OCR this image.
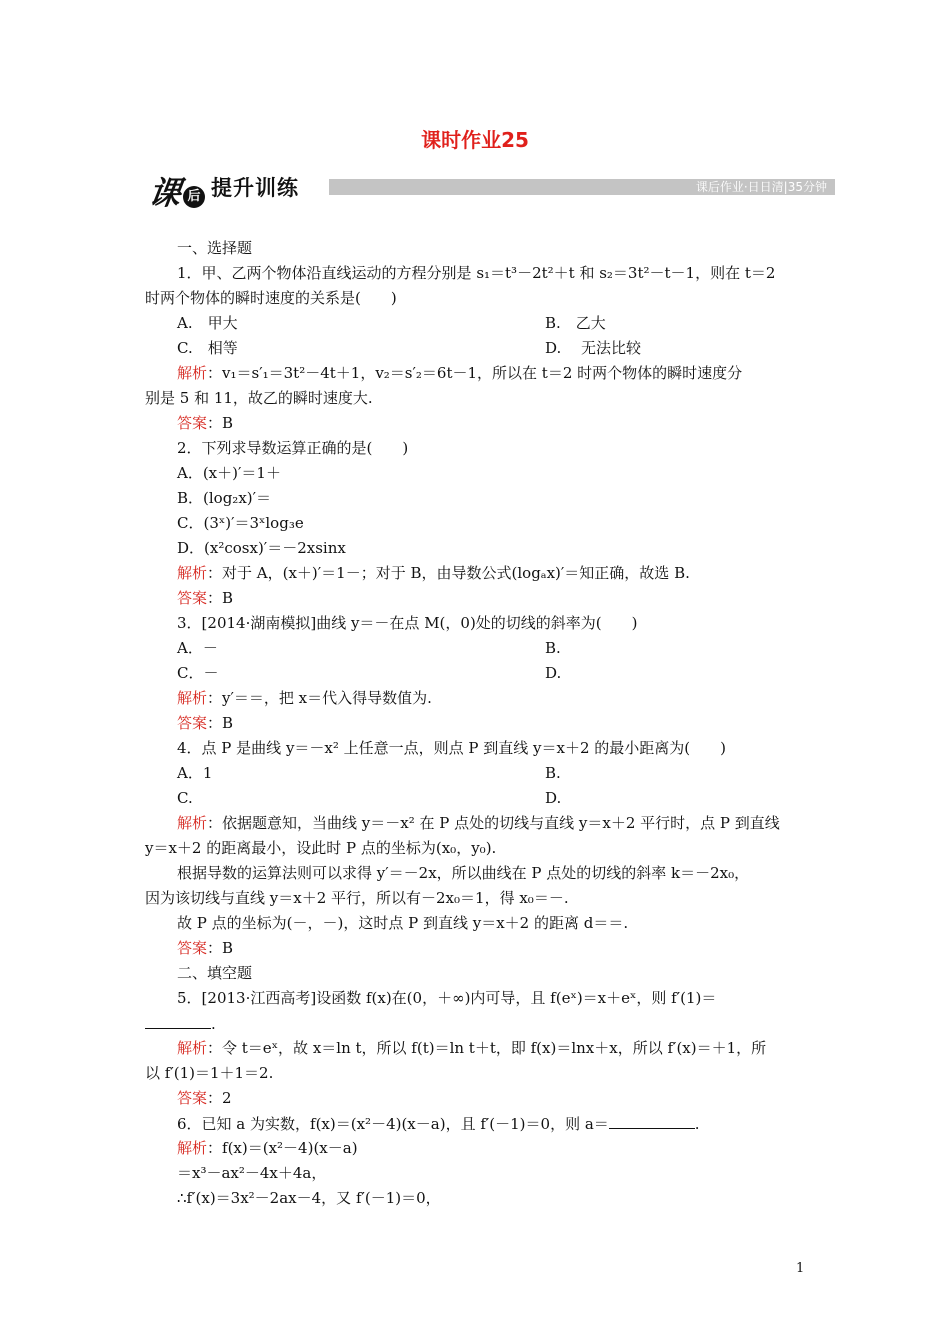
课时作业25
课 后 提升训练	课后作业·日日清|35分钟
一、选择题
1．甲、乙两个物体沿直线运动的方程分别是 s₁＝t³－2t²＋t 和 s₂＝3t²－t－1，则在 t＝2
时两个物体的瞬时速度的关系是(　　)
A.　甲大	B.　乙大
C.　相等	D.　 无法比较
解析：v₁＝s′₁＝3t²－4t＋1，v₂＝s′₂＝6t－1，所以在 t＝2 时两个物体的瞬时速度分
别是 5 和 11，故乙的瞬时速度大.
答案：B
2．下列求导数运算正确的是(　　)
A．(x＋)′＝1＋
B．(log₂x)′＝
C．(3ˣ)′＝3ˣlog₃e
D．(x²cosx)′＝－2xsinx
解析：对于 A，(x＋)′＝1－；对于 B，由导数公式(logₐx)′＝知正确，故选 B.
答案：B
3．[2014·湖南模拟]曲线 y＝－在点 M(，0)处的切线的斜率为(　　)
A．－	B.
C．－	D.
解析：y′＝＝，把 x＝代入得导数值为.
答案：B
4．点 P 是曲线 y＝－x² 上任意一点，则点 P 到直线 y＝x＋2 的最小距离为(　　)
A．1	B.
C.	D.
解析：依据题意知，当曲线 y＝－x² 在 P 点处的切线与直线 y＝x＋2 平行时，点 P 到直线
y＝x＋2 的距离最小，设此时 P 点的坐标为(x₀，y₀).
根据导数的运算法则可以求得 y′＝－2x，所以曲线在 P 点处的切线的斜率 k＝－2x₀，
因为该切线与直线 y＝x＋2 平行，所以有－2x₀＝1，得 x₀＝－.
故 P 点的坐标为(－，－)，这时点 P 到直线 y＝x＋2 的距离 d＝＝.
答案：B
二、填空题
5．[2013·江西高考]设函数 f(x)在(0，＋∞)内可导，且 f(eˣ)＝x＋eˣ，则 f′(1)＝
.
解析：令 t＝eˣ，故 x＝ln t，所以 f(t)＝ln t＋t，即 f(x)＝lnx＋x，所以 f′(x)＝＋1，所
以 f′(1)＝1＋1＝2.
答案：2
6．已知 a 为实数，f(x)＝(x²－4)(x－a)，且 f′(－1)＝0，则 a＝	.
解析：f(x)＝(x²－4)(x－a)
＝x³－ax²－4x＋4a，
∴f′(x)＝3x²－2ax－4，又 f′(－1)＝0，
1
